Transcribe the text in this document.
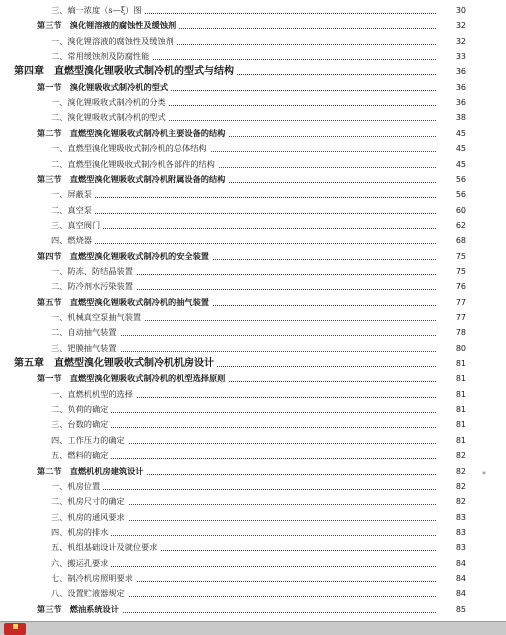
三、熵一浓度（s—ξ）图	30
第三节　溴化锂溶液的腐蚀性及缓蚀剂	32
一、溴化锂溶液的腐蚀性及缓蚀剂	32
二、常用缓蚀剂及防腐性能	33
第四章　直燃型溴化锂吸收式制冷机的型式与结构	36
第一节　溴化锂吸收式制冷机的型式	36
一、溴化锂吸收式制冷机的分类	36
二、溴化锂吸收式制冷机的型式	38
第二节　直燃型溴化锂吸收式制冷机主要设备的结构	45
一、直燃型溴化锂吸收式制冷机的总体结构	45
二、直燃型溴化锂吸收式制冷机各部件的结构	45
第三节　直燃型溴化锂吸收式制冷机附属设备的结构	56
一、屏蔽泵	56
二、真空泵	60
三、真空阀门	62
四、燃烧器	68
第四节　直燃型溴化锂吸收式制冷机的安全装置	75
一、防冻、防结晶装置	75
二、防冷剂水污染装置	76
第五节　直燃型溴化锂吸收式制冷机的抽气装置	77
一、机械真空泵抽气装置	77
二、自动抽气装置	78
三、钯膜抽气装置	80
第五章　直燃型溴化锂吸收式制冷机机房设计	81
第一节　直燃型溴化锂吸收式制冷机的机型选择原则	81
一、直燃机机型的选择	81
二、负荷的确定	81
三、台数的确定	81
四、工作压力的确定	81
五、燃料的确定	82
第二节　直燃机机房建筑设计	82
一、机房位置	82
二、机房尺寸的确定	82
三、机房的通风要求	83
四、机房的排水	83
五、机组基础设计及就位要求	83
六、搬运孔要求	84
七、制冷机房照明要求	84
八、设置贮液器规定	84
第三节　燃油系统设计	85
*
